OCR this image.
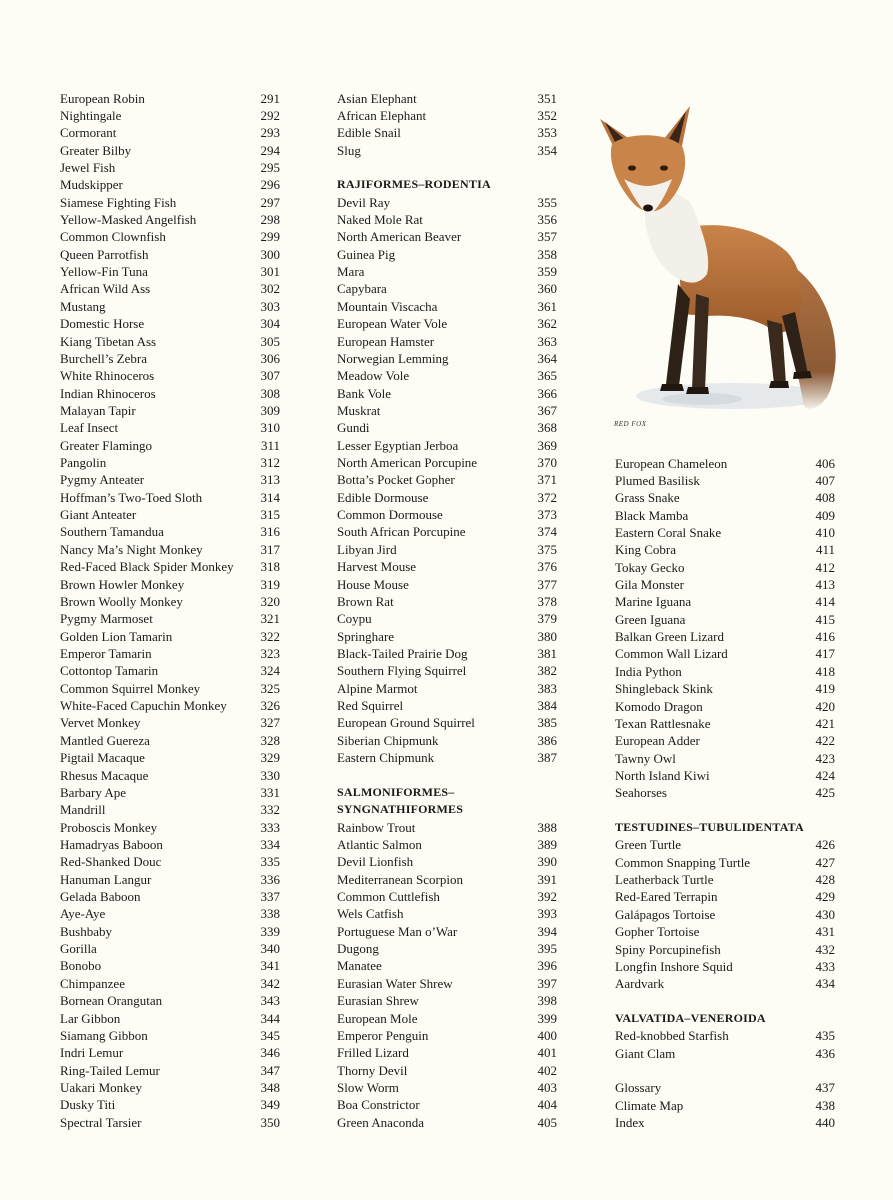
European Robin	291
Nightingale	292
Cormorant	293
Greater Bilby	294
Jewel Fish	295
Mudskipper	296
Siamese Fighting Fish	297
Yellow-Masked Angelfish	298
Common Clownfish	299
Queen Parrotfish	300
Yellow-Fin Tuna	301
African Wild Ass	302
Mustang	303
Domestic Horse	304
Kiang Tibetan Ass	305
Burchell’s Zebra	306
White Rhinoceros	307
Indian Rhinoceros	308
Malayan Tapir	309
Leaf Insect	310
Greater Flamingo	311
Pangolin	312
Pygmy Anteater	313
Hoffman’s Two-Toed Sloth	314
Giant Anteater	315
Southern Tamandua	316
Nancy Ma’s Night Monkey	317
Red-Faced Black Spider Monkey 318
Brown Howler Monkey	319
Brown Woolly Monkey	320
Pygmy Marmoset	321
Golden Lion Tamarin	322
Emperor Tamarin	323
Cottontop Tamarin	324
Common Squirrel Monkey	325
White-Faced Capuchin Monkey	326
Vervet Monkey	327
Mantled Guereza	328
Pigtail Macaque	329
Rhesus Macaque	330
Barbary Ape	331
Mandrill	332
Proboscis Monkey	333
Hamadryas Baboon	334
Red-Shanked Douc	335
Hanuman Langur	336
Gelada Baboon	337
Aye-Aye	338
Bushbaby	339
Gorilla	340
Bonobo	341
Chimpanzee	342
Bornean Orangutan	343
Lar Gibbon	344
Siamang Gibbon	345
Indri Lemur	346
Ring-Tailed Lemur	347
Uakari Monkey	348
Dusky Titi	349
Spectral Tarsier	350
Asian Elephant	351
African Elephant	352
Edible Snail	353
Slug	354
RAJIFORMES–RODENTIA
Devil Ray	355
Naked Mole Rat	356
North American Beaver	357
Guinea Pig	358
Mara	359
Capybara	360
Mountain Viscacha	361
European Water Vole	362
European Hamster	363
Norwegian Lemming	364
Meadow Vole	365
Bank Vole	366
Muskrat	367
Gundi	368
Lesser Egyptian Jerboa	369
North American Porcupine	370
Botta’s Pocket Gopher	371
Edible Dormouse	372
Common Dormouse	373
South African Porcupine	374
Libyan Jird	375
Harvest Mouse	376
House Mouse	377
Brown Rat	378
Coypu	379
Springhare	380
Black-Tailed Prairie Dog	381
Southern Flying Squirrel	382
Alpine Marmot	383
Red Squirrel	384
European Ground Squirrel	385
Siberian Chipmunk	386
Eastern Chipmunk	387
SALMONIFORMES–
SYNGNATHIFORMES
Rainbow Trout	388
Atlantic Salmon	389
Devil Lionfish	390
Mediterranean Scorpion	391
Common Cuttlefish	392
Wels Catfish	393
Portuguese Man o’War	394
Dugong	395
Manatee	396
Eurasian Water Shrew	397
Eurasian Shrew	398
European Mole	399
Emperor Penguin	400
Frilled Lizard	401
Thorny Devil	402
Slow Worm	403
Boa Constrictor	404
Green Anaconda	405
European Chameleon	406
Plumed Basilisk	407
Grass Snake	408
Black Mamba	409
Eastern Coral Snake	410
King Cobra	411
Tokay Gecko	412
Gila Monster	413
Marine Iguana	414
Green Iguana	415
Balkan Green Lizard	416
Common Wall Lizard	417
India Python	418
Shingleback Skink	419
Komodo Dragon	420
Texan Rattlesnake	421
European Adder	422
Tawny Owl	423
North Island Kiwi	424
Seahorses	425
TESTUDINES–TUBULIDENTATA
Green Turtle	426
Common Snapping Turtle	427
Leatherback Turtle	428
Red-Eared Terrapin	429
Galápagos Tortoise	430
Gopher Tortoise	431
Spiny Porcupinefish	432
Longfin Inshore Squid	433
Aardvark	434
VALVATIDA–VENEROIDA
Red-knobbed Starfish	435
Giant Clam	436
Glossary	437
Climate Map	438
Index	440
RED FOX
